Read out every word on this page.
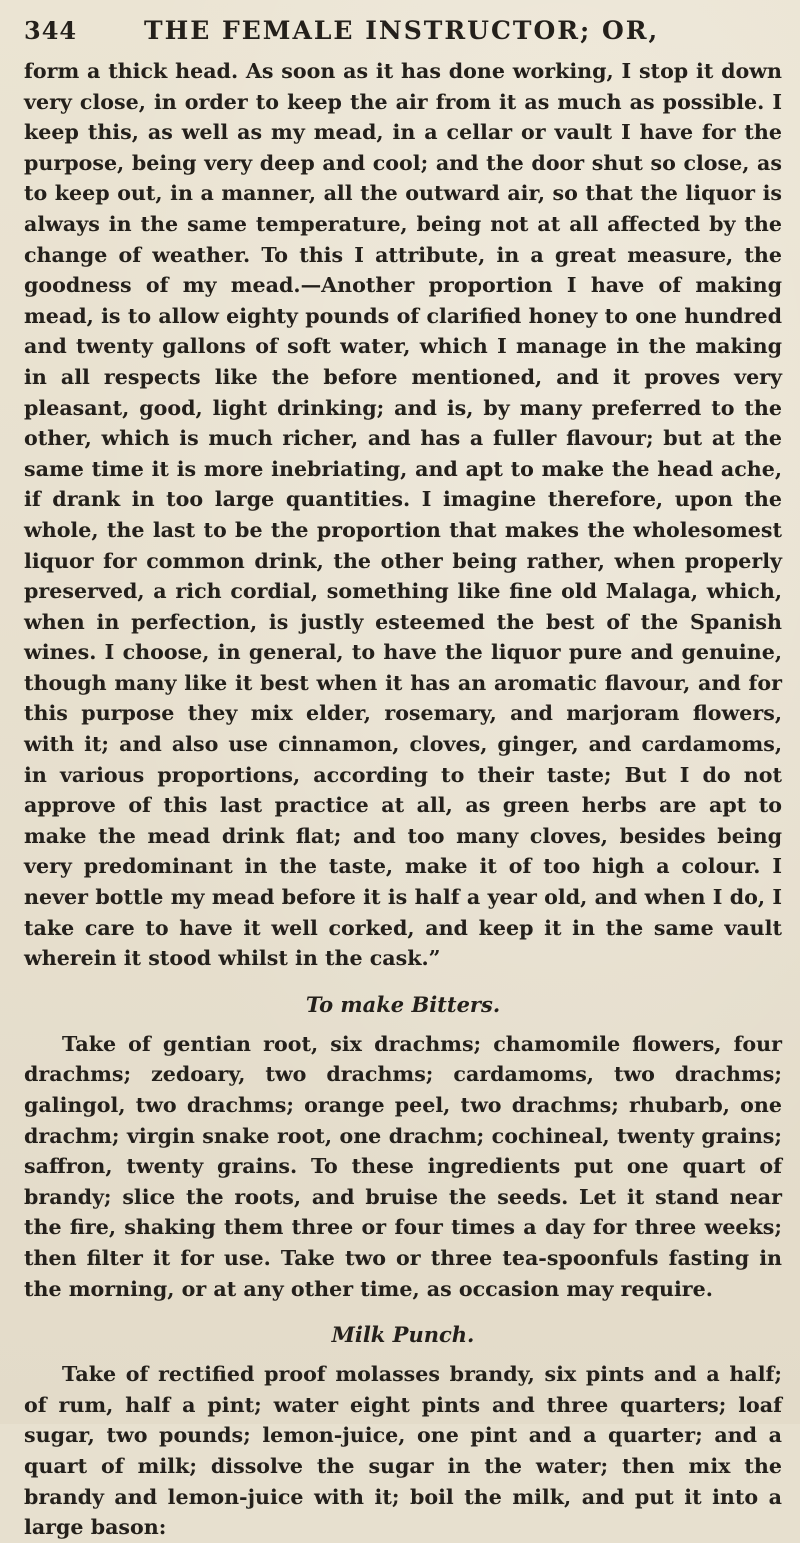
344	THE FEMALE INSTRUCTOR; OR,

form a thick head. As soon as it has done working, I stop it down very close, in order to keep the air from it as much as possible. I keep this, as well as my mead, in a cellar or vault I have for the purpose, being very deep and cool; and the door shut so close, as to keep out, in a manner, all the outward air, so that the liquor is always in the same temperature, being not at all affected by the change of weather. To this I attribute, in a great measure, the goodness of my mead.—Another proportion I have of making mead, is to allow eighty pounds of clarified honey to one hundred and twenty gallons of soft water, which I manage in the making in all respects like the before mentioned, and it proves very pleasant, good, light drinking; and is, by many preferred to the other, which is much richer, and has a fuller flavour; but at the same time it is more inebriating, and apt to make the head ache, if drank in too large quantities. I imagine therefore, upon the whole, the last to be the proportion that makes the wholesomest liquor for common drink, the other being rather, when properly preserved, a rich cordial, something like fine old Malaga, which, when in perfection, is justly esteemed the best of the Spanish wines. I choose, in general, to have the liquor pure and genuine, though many like it best when it has an aromatic flavour, and for this purpose they mix elder, rosemary, and marjoram flowers, with it; and also use cinnamon, cloves, ginger, and cardamoms, in various proportions, according to their taste; But I do not approve of this last practice at all, as green herbs are apt to make the mead drink flat; and too many cloves, besides being very predominant in the taste, make it of too high a colour. I never bottle my mead before it is half a year old, and when I do, I take care to have it well corked, and keep it in the same vault wherein it stood whilst in the cask.”

To make Bitters.

Take of gentian root, six drachms; chamomile flowers, four drachms; zedoary, two drachms; cardamoms, two drachms; galingol, two drachms; orange peel, two drachms; rhubarb, one drachm; virgin snake root, one drachm; cochineal, twenty grains; saffron, twenty grains. To these ingredients put one quart of brandy; slice the roots, and bruise the seeds. Let it stand near the fire, shaking them three or four times a day for three weeks; then filter it for use. Take two or three tea-spoonfuls fasting in the morning, or at any other time, as occasion may require.

Milk Punch.

Take of rectified proof molasses brandy, six pints and a half; of rum, half a pint; water eight pints and three quarters; loaf sugar, two pounds; lemon-juice, one pint and a quarter; and a quart of milk; dissolve the sugar in the water; then mix the brandy and lemon-juice with it; boil the milk, and put it into a large bason:
